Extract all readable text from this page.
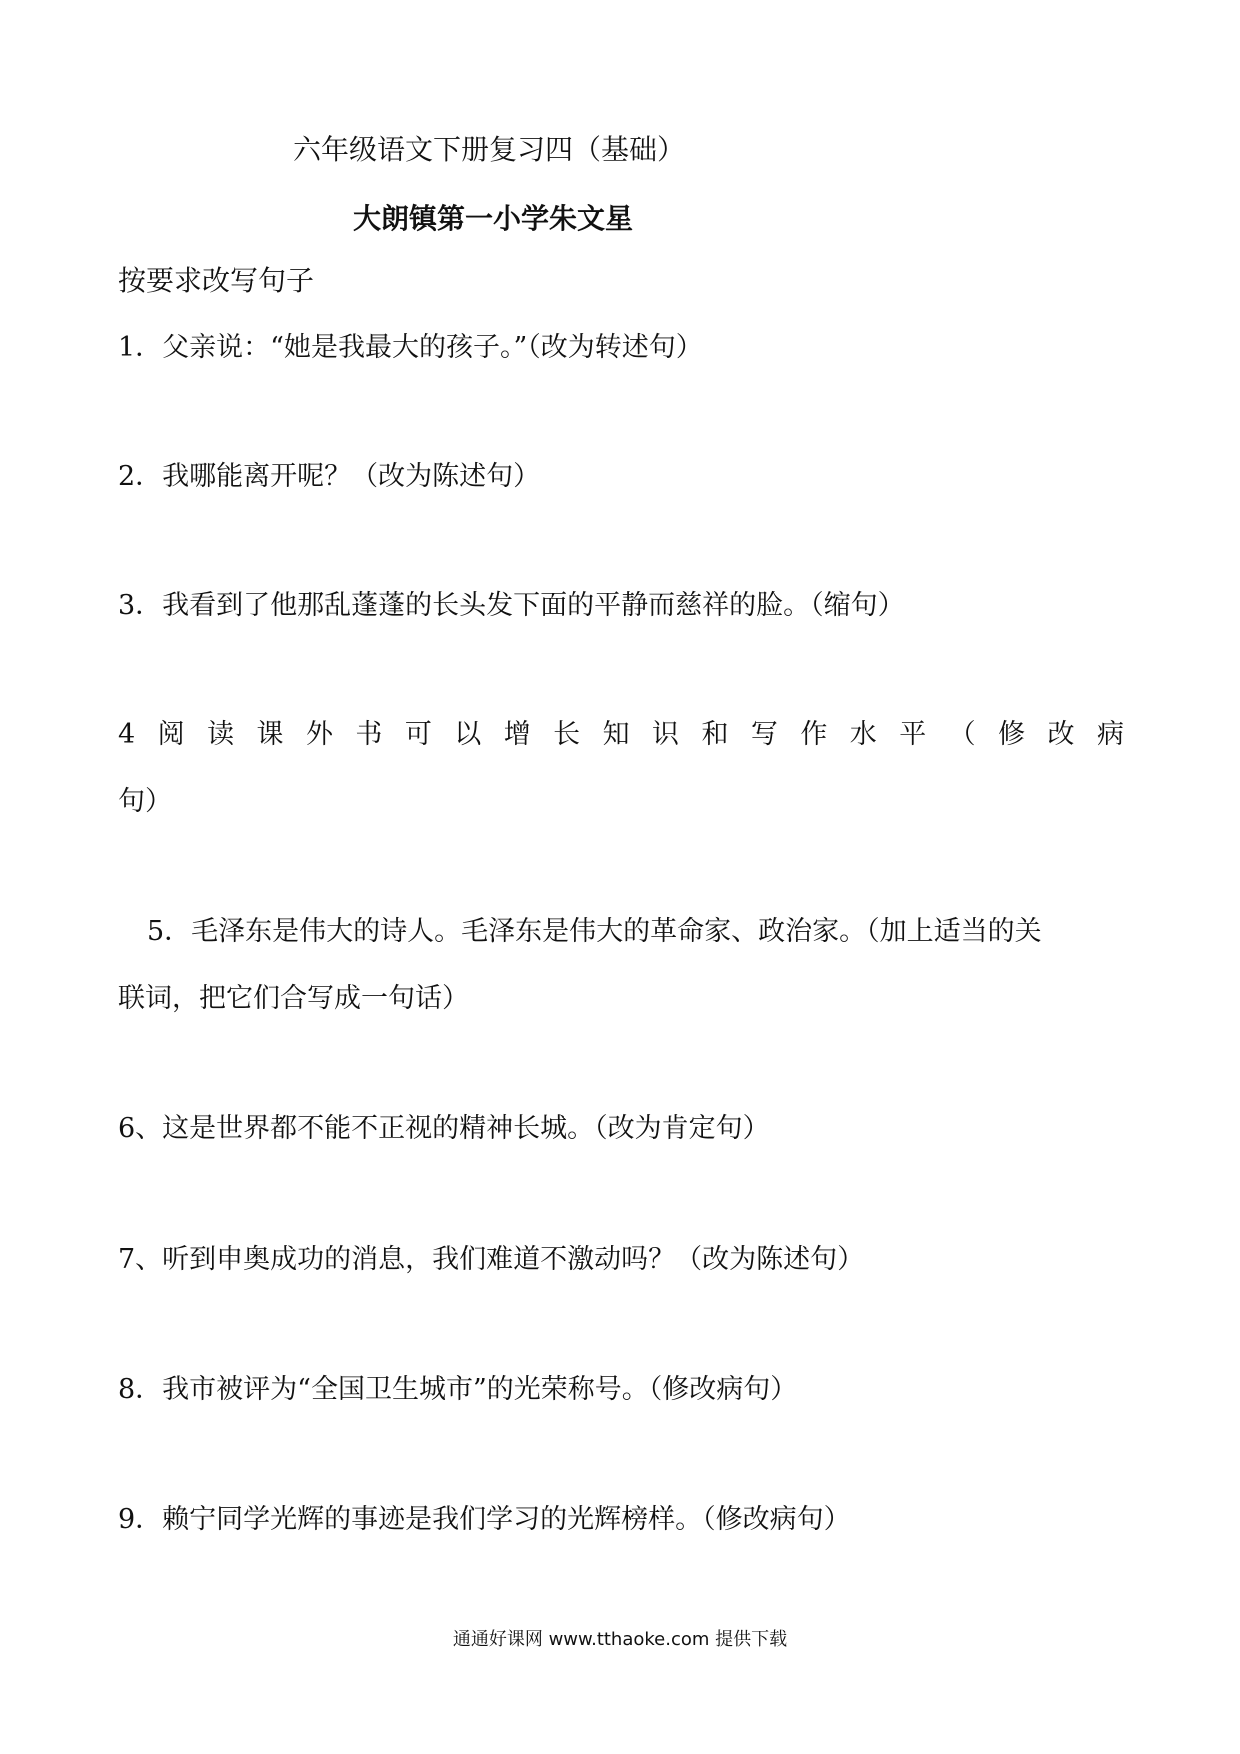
六年级语文下册复习四（基础）
大朗镇第一小学朱文星
按要求改写句子
1．父亲说：“她是我最大的孩子。”（改为转述句）
2．我哪能离开呢？（改为陈述句）
3．我看到了他那乱蓬蓬的长头发下面的平静而慈祥的脸。（缩句）
4 阅 读 课 外 书 可 以 增 长 知 识 和 写 作 水 平 （ 修 改 病
句）
5．毛泽东是伟大的诗人。毛泽东是伟大的革命家、政治家。（加上适当的关
联词，把它们合写成一句话）
6、这是世界都不能不正视的精神长城。（改为肯定句）
7、听到申奥成功的消息，我们难道不激动吗？（改为陈述句）
8．我市被评为“全国卫生城市”的光荣称号。（修改病句）
9．赖宁同学光辉的事迹是我们学习的光辉榜样。（修改病句）
通通好课网 www.tthaoke.com 提供下载
